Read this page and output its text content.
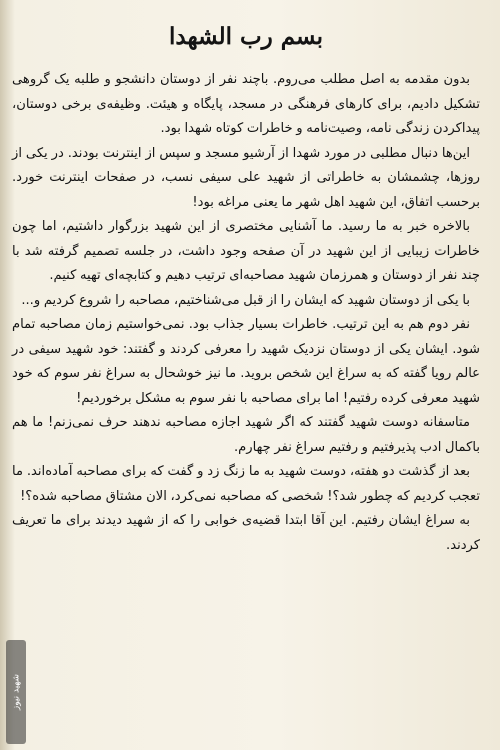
بسم رب الشهدا

بدون مقدمه به اصل مطلب می‌روم. باچند نفر از دوستان دانشجو و طلبه یک گروهی تشکیل دادیم، برای کارهای فرهنگی در مسجد، پایگاه و هیئت. وظیفه‌ی برخی دوستان، پیداکردن زندگی نامه، وصیت‌نامه و خاطرات کوتاه شهدا بود.

این‌ها دنبال مطلبی در مورد شهدا از آرشیو مسجد و سپس از اینترنت بودند. در یکی از روزها، چشمشان به خاطراتی از شهید علی سیفی نسب، در صفحات اینترنت خورد. برحسب اتفاق، این شهید اهل شهر ما یعنی مراغه بود!

بالاخره خبر به ما رسید. ما آشنایی مختصری از این شهید بزرگوار داشتیم، اما چون خاطرات زیبایی از این شهید در آن صفحه وجود داشت، در جلسه تصمیم گرفته شد با چند نفر از دوستان و همرزمان شهید مصاحبه‌ای ترتیب دهیم و کتابچه‌ای تهیه کنیم.

با یکی از دوستان شهید که ایشان را از قبل می‌شناختیم، مصاحبه را شروع کردیم و...

نفر دوم هم به این ترتیب. خاطرات بسیار جذاب بود. نمی‌خواستیم زمان مصاحبه تمام شود. ایشان یکی از دوستان نزدیک شهید را معرفی کردند و گفتند: خود شهید سیفی در عالم رویا گفته که به سراغ این شخص بروید. ما نیز خوشحال به سراغ نفر سوم که خود شهید معرفی کرده رفتیم! اما برای مصاحبه با نفر سوم به مشکل برخوردیم!

متاسفانه دوست شهید گفتند که اگر شهید اجازه مصاحبه ندهند حرف نمی‌زنم! ما هم باکمال ادب پذیرفتیم و رفتیم سراغ نفر چهارم.

بعد از گذشت دو هفته، دوست شهید به ما زنگ زد و گفت که برای مصاحبه آماده‌اند. ما تعجب کردیم که چطور شد؟! شخصی که مصاحبه نمی‌کرد، الان مشتاق مصاحبه شده؟!

به سراغ ایشان رفتیم. این آقا ابتدا قضیه‌ی خوابی را که از شهید دیدند برای ما تعریف کردند.

شهید نیوز
